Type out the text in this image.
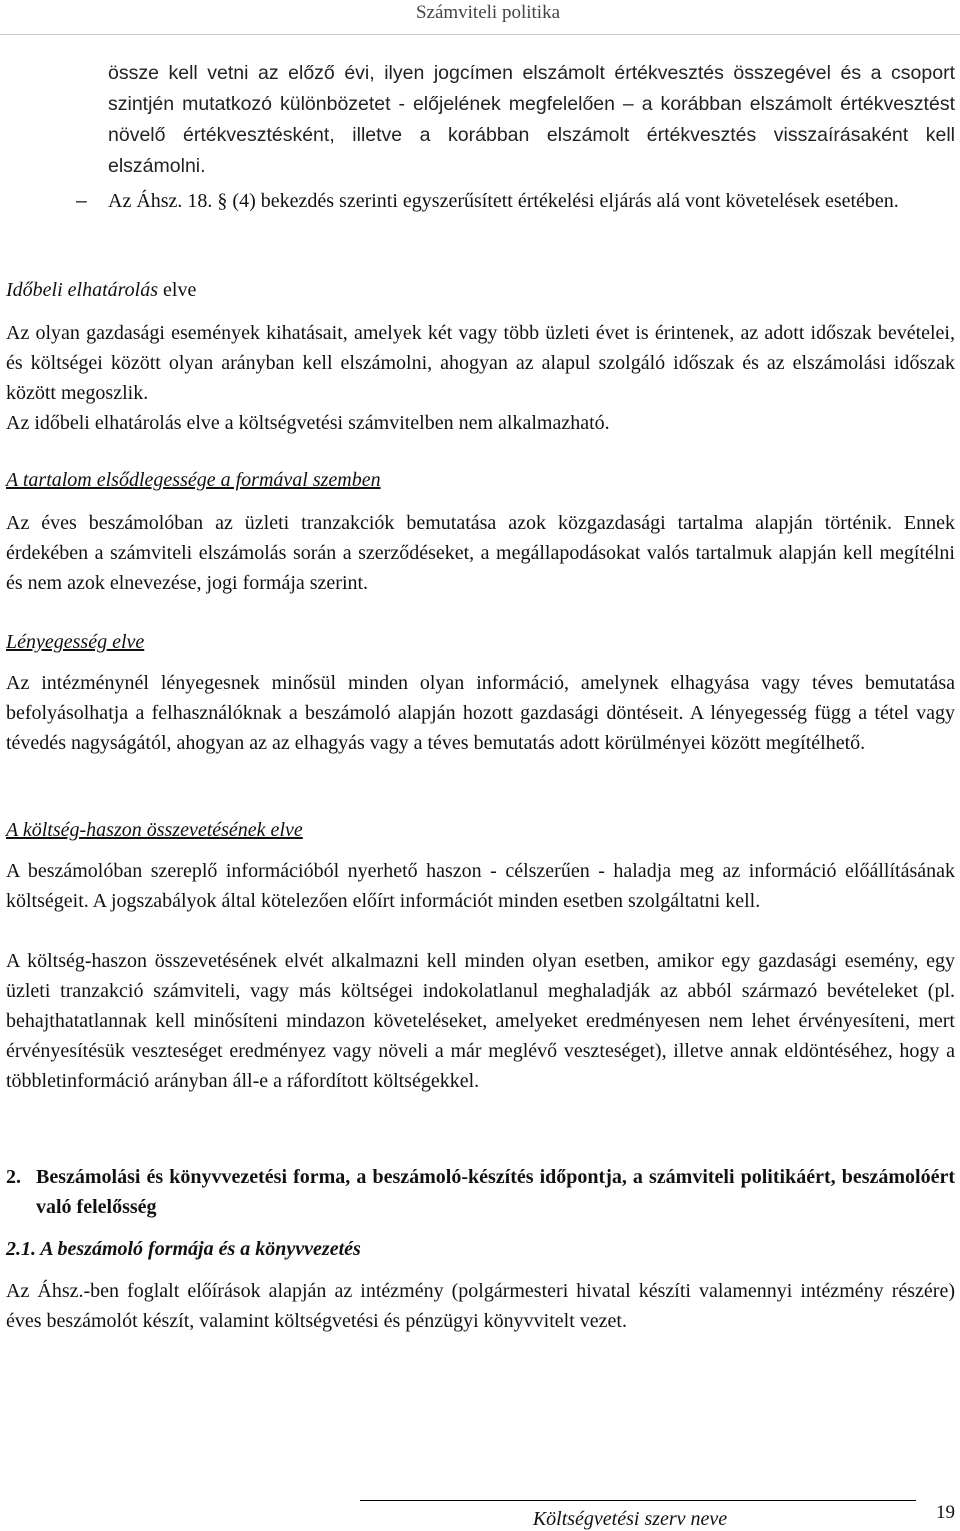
Számviteli politika

össze kell vetni az előző évi, ilyen jogcímen elszámolt értékvesztés összegével és a csoport szintjén mutatkozó különbözetet - előjelének megfelelően – a korábban elszámolt értékvesztést növelő értékvesztésként, illetve a korábban elszámolt értékvesztés visszaírásaként kell elszámolni.

– Az Áhsz. 18. § (4) bekezdés szerinti egyszerűsített értékelési eljárás alá vont követelések esetében.

Időbeli elhatárolás elve

Az olyan gazdasági események kihatásait, amelyek két vagy több üzleti évet is érintenek, az adott időszak bevételei, és költségei között olyan arányban kell elszámolni, ahogyan az alapul szolgáló időszak és az elszámolási időszak között megoszlik.

Az időbeli elhatárolás elve a költségvetési számvitelben nem alkalmazható.

A tartalom elsődlegessége a formával szemben

Az éves beszámolóban az üzleti tranzakciók bemutatása azok közgazdasági tartalma alapján történik. Ennek érdekében a számviteli elszámolás során a szerződéseket, a megállapodásokat valós tartalmuk alapján kell megítélni és nem azok elnevezése, jogi formája szerint.

Lényegesség elve

Az intézménynél lényegesnek minősül minden olyan információ, amelynek elhagyása vagy téves bemutatása befolyásolhatja a felhasználóknak a beszámoló alapján hozott gazdasági döntéseit. A lényegesség függ a tétel vagy tévedés nagyságától, ahogyan az az elhagyás vagy a téves bemutatás adott körülményei között megítélhető.

A költség-haszon összevetésének elve

A beszámolóban szereplő információból nyerhető haszon - célszerűen - haladja meg az információ előállításának költségeit. A jogszabályok által kötelezően előírt információt minden esetben szolgáltatni kell.

A költség-haszon összevetésének elvét alkalmazni kell minden olyan esetben, amikor egy gazdasági esemény, egy üzleti tranzakció számviteli, vagy más költségei indokolatlanul meghaladják az abból származó bevételeket (pl. behajthatatlannak kell minősíteni mindazon követeléseket, amelyeket eredményesen nem lehet érvényesíteni, mert érvényesítésük veszteséget eredményez vagy növeli a már meglévő veszteséget), illetve annak eldöntéséhez, hogy a többletinformáció arányban áll-e a ráfordított költségekkel.

2. Beszámolási és könyvvezetési forma, a beszámoló-készítés időpontja, a számviteli politikáért, beszámolóért való felelősség

2.1. A beszámoló formája és a könyvvezetés

Az Áhsz.-ben foglalt előírások alapján az intézmény (polgármesteri hivatal készíti valamennyi intézmény részére) éves beszámolót készít, valamint költségvetési és pénzügyi könyvvitelt vezet.

Költségvetési szerv neve	19
